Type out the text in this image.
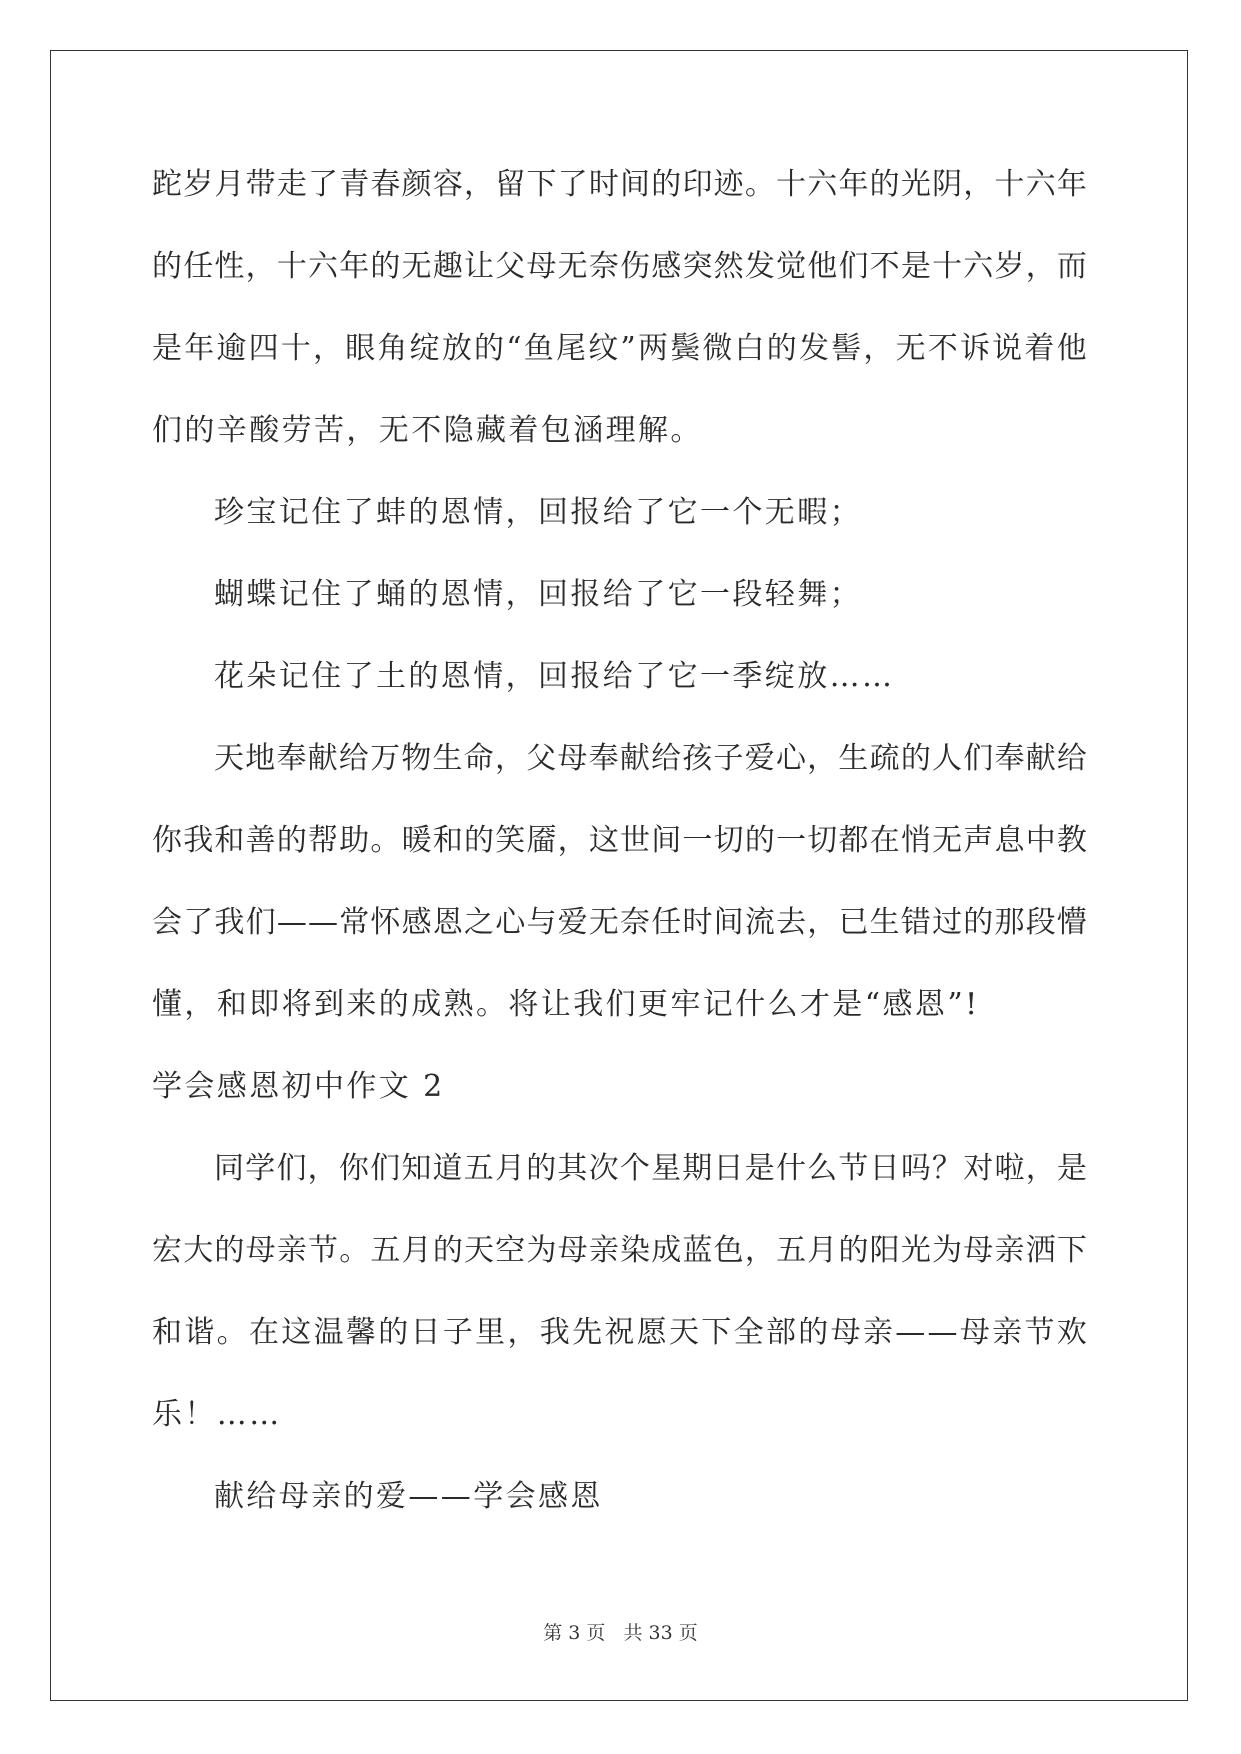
跎 岁 月 带 走 了 青 春 颜 容 ， 留 下 了 时 间 的 印 迹 。 十 六 年 的 光 阴 ， 十 六 年
的 任 性 ， 十 六 年 的 无 趣 让 父 母 无 奈 伤 感 突 然 发 觉 他 们 不 是 十 六 岁 ， 而
是 年 逾 四 十 ， 眼 角 绽 放 的 “ 鱼 尾 纹 ” 两 鬓 微 白 的 发 髻 ， 无 不 诉 说 着 他
们的辛酸劳苦，无不隐藏着包涵理解。
珍宝记住了蚌的恩情，回报给了它一个无暇；
蝴蝶记住了蛹的恩情，回报给了它一段轻舞；
花朵记住了土的恩情，回报给了它一季绽放……
天 地 奉 献 给 万 物 生 命 ， 父 母 奉 献 给 孩 子 爱 心 ， 生 疏 的 人 们 奉 献 给
你 我 和 善 的 帮 助 。 暖 和 的 笑 靥 ， 这 世 间 一 切 的 一 切 都 在 悄 无 声 息 中 教
会 了 我 们 — — 常 怀 感 恩 之 心 与 爱 无 奈 任 时 间 流 去 ， 已 生 错 过 的 那 段 懵
懂，和即将到来的成熟。将让我们更牢记什么才是“感恩”!
学会感恩初中作文 2
同 学 们 ， 你 们 知 道 五 月 的 其 次 个 星 期 日 是 什 么 节 日 吗 ？ 对 啦 ， 是
宏 大 的 母 亲 节 。 五 月 的 天 空 为 母 亲 染 成 蓝 色 ， 五 月 的 阳 光 为 母 亲 洒 下
和 谐 。 在 这 温 馨 的 日 子 里 ， 我 先 祝 愿 天 下 全 部 的 母 亲 — — 母 亲 节 欢
乐！……
献给母亲的爱——学会感恩
第 3 页 共 33 页
